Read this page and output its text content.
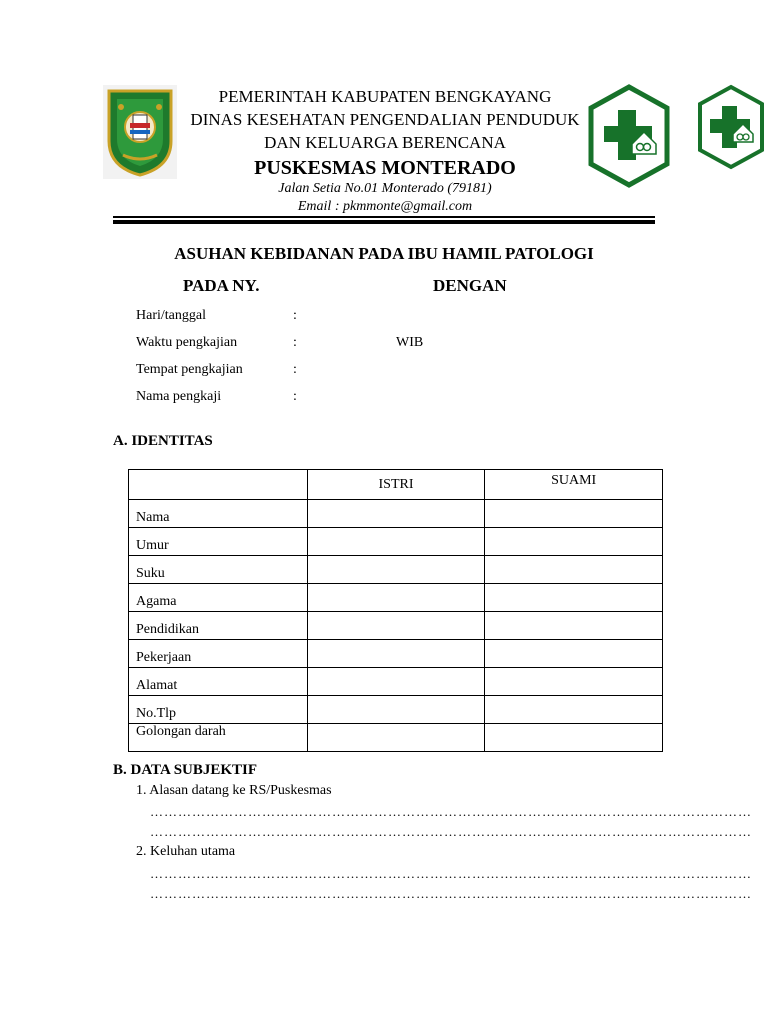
PEMERINTAH KABUPATEN BENGKAYANG
DINAS KESEHATAN PENGENDALIAN PENDUDUK
DAN KELUARGA BERENCANA
PUSKESMAS MONTERADO
Jalan Setia No.01 Monterado (79181)
Email : pkmmonte@gmail.com
ASUHAN KEBIDANAN PADA IBU HAMIL PATOLOGI
PADA NY.	DENGAN
Hari/tanggal	:
Waktu pengkajian	:	WIB
Tempat pengkajian	:
Nama pengkaji	:
A. IDENTITAS
	ISTRI	SUAMI
Nama		
Umur		
Suku		
Agama		
Pendidikan		
Pekerjaan		
Alamat		
No.Tlp		
Golongan darah		
B. DATA SUBJEKTIF
1. Alasan datang ke RS/Puskesmas
…………………………………………………………………………………………………………………
…………………………………………………………………………………………………………………
2. Keluhan utama
…………………………………………………………………………………………………………………
…………………………………………………………………………………………………………………
